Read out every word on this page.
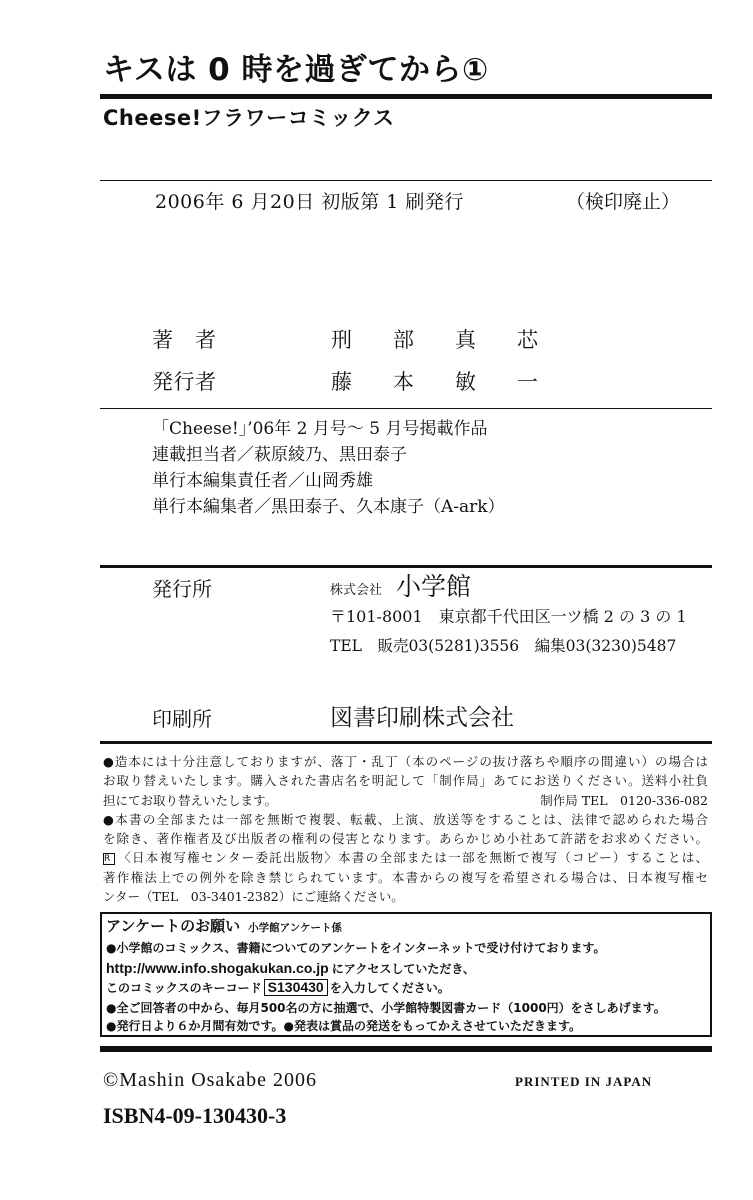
キスは 0 時を過ぎてから①
Cheese!フラワーコミックス
2006年 6 月20日 初版第 1 刷発行	（検印廃止）
著 者	刑 部 真 芯
発 行 者	藤 本 敏 一
「Cheese!」’06年 2 月号～ 5 月号掲載作品
連載担当者／萩原綾乃、黒田泰子
単行本編集責任者／山岡秀雄
単行本編集者／黒田泰子、久本康子（A-ark）
発行所	株式会社 小学館
〒101-8001　東京都千代田区一ツ橋 2 の 3 の 1
TEL　販売03(5281)3556　編集03(3230)5487
印刷所	図書印刷株式会社
●造本には十分注意しておりますが、落丁・乱丁（本のページの抜け落ちや順序の間違い）の場合は
お取り替えいたします。購入された書店名を明記して「制作局」あてにお送りください。送料小社負
担にてお取り替えいたします。	制作局 TEL　0120-336-082
●本書の全部または一部を無断で複製、転載、上演、放送等をすることは、法律で認められた場合
を除き、著作権者及び出版者の権利の侵害となります。あらかじめ小社あて許諾をお求めください。
R 〈日本複写権センター委託出版物〉本書の全部または一部を無断で複写（コピー）することは、
著作権法上での例外を除き禁じられています。本書からの複写を希望される場合は、日本複写権セ
ンター（TEL　03-3401-2382）にご連絡ください。
アンケートのお願い 小学館アンケート係
●小学館のコミックス、書籍についてのアンケートをインターネットで受け付けております。
http://www.info.shogakukan.co.jp にアクセスしていただき、
このコミックスのキーコード S130430 を入力してください。
●全ご回答者の中から、毎月500名の方に抽選で、小学館特製図書カード（1000円）をさしあげます。
●発行日より６か月間有効です。●発表は賞品の発送をもってかえさせていただきます。
©Mashin Osakabe 2006	PRINTED IN JAPAN
ISBN4-09-130430-3
